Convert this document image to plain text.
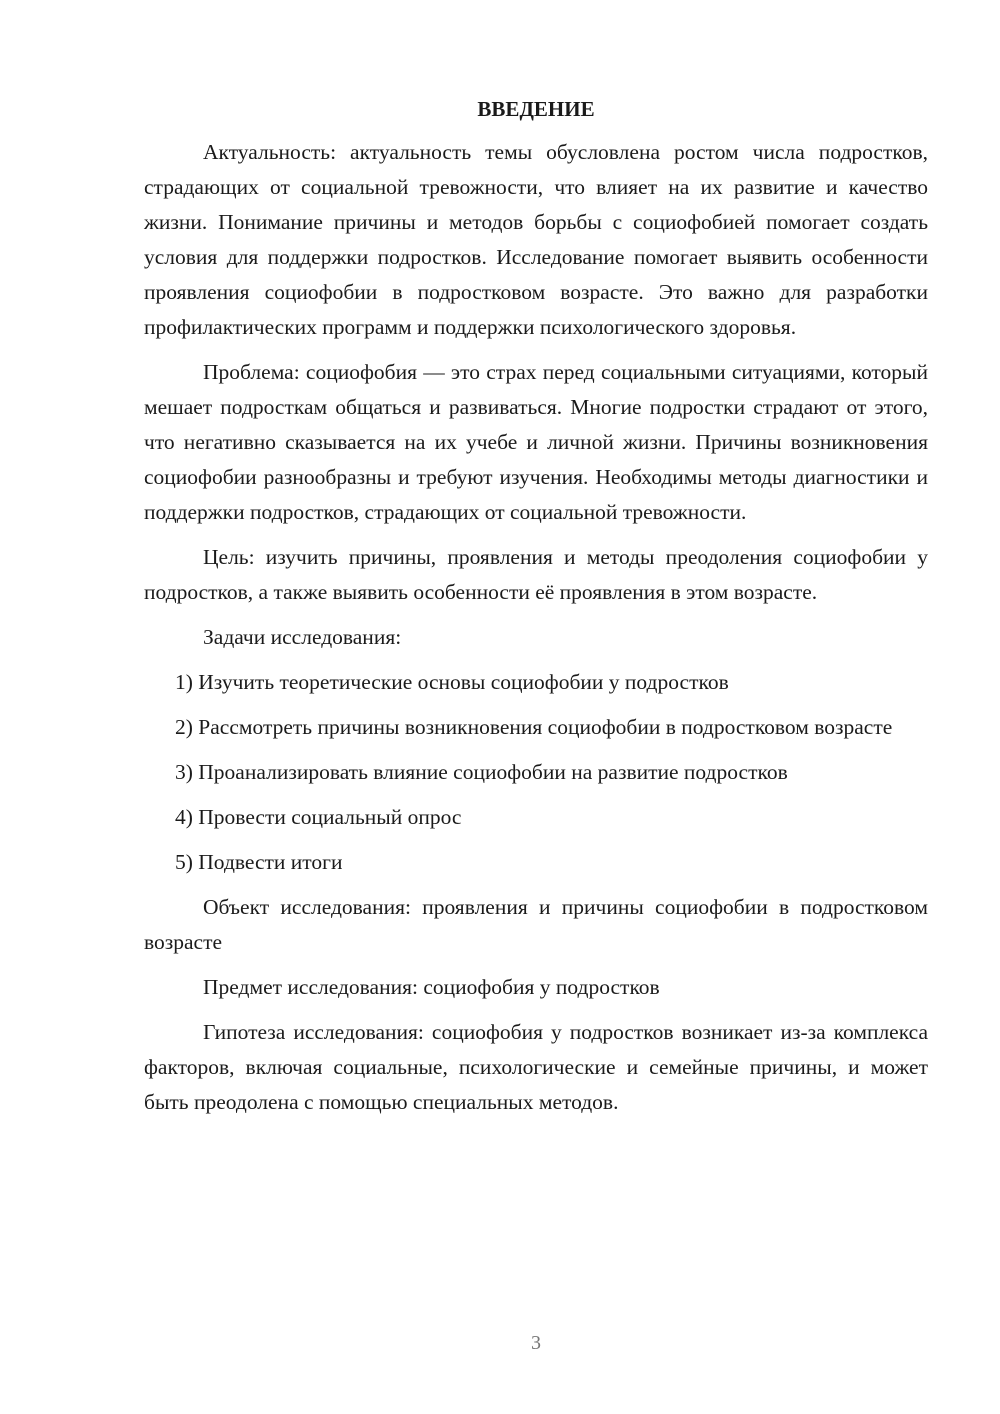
ВВЕДЕНИЕ

Актуальность: актуальность темы обусловлена ростом числа подростков, страдающих от социальной тревожности, что влияет на их развитие и качество жизни. Понимание причины и методов борьбы с социофобией помогает создать условия для поддержки подростков. Исследование помогает выявить особенности проявления социофобии в подростковом возрасте. Это важно для разработки профилактических программ и поддержки психологического здоровья.

Проблема: социофобия — это страх перед социальными ситуациями, который мешает подросткам общаться и развиваться. Многие подростки страдают от этого, что негативно сказывается на их учебе и личной жизни. Причины возникновения социофобии разнообразны и требуют изучения. Необходимы методы диагностики и поддержки подростков, страдающих от социальной тревожности.

Цель: изучить причины, проявления и методы преодоления социофобии у подростков, а также выявить особенности её проявления в этом возрасте.

Задачи исследования:

1) Изучить теоретические основы социофобии у подростков

2) Рассмотреть причины возникновения социофобии в подростковом возрасте

3) Проанализировать влияние социофобии на развитие подростков

4) Провести социальный опрос

5) Подвести итоги

Объект исследования: проявления и причины социофобии в подростковом возрасте

Предмет исследования: социофобия у подростков

Гипотеза исследования: социофобия у подростков возникает из-за комплекса факторов, включая социальные, психологические и семейные причины, и может быть преодолена с помощью специальных методов.

3
